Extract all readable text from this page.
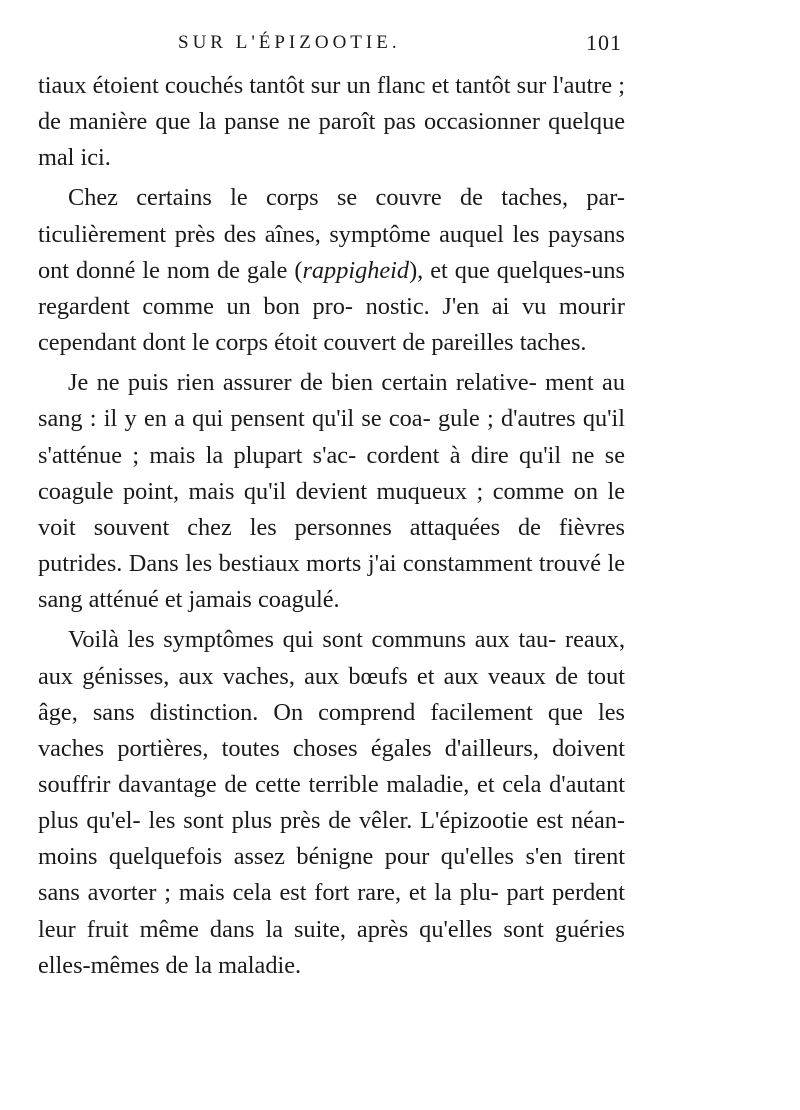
SUR L'ÉPIZOOTIE.	101

tiaux étoient couchés tantôt sur un flanc et tantôt sur l'autre ; de manière que la panse ne paroît pas occasionner quelque mal ici.

Chez certains le corps se couvre de taches, par- ticulièrement près des aînes, symptôme auquel les paysans ont donné le nom de gale (rappigheid), et que quelques-uns regardent comme un bon pro- nostic. J'en ai vu mourir cependant dont le corps étoit couvert de pareilles taches.

Je ne puis rien assurer de bien certain relative- ment au sang : il y en a qui pensent qu'il se coa- gule ; d'autres qu'il s'atténue ; mais la plupart s'ac- cordent à dire qu'il ne se coagule point, mais qu'il devient muqueux ; comme on le voit souvent chez les personnes attaquées de fièvres putrides. Dans les bestiaux morts j'ai constamment trouvé le sang atténué et jamais coagulé.

Voilà les symptômes qui sont communs aux tau- reaux, aux génisses, aux vaches, aux bœufs et aux veaux de tout âge, sans distinction. On comprend facilement que les vaches portières, toutes choses égales d'ailleurs, doivent souffrir davantage de cette terrible maladie, et cela d'autant plus qu'el- les sont plus près de vêler. L'épizootie est néan- moins quelquefois assez bénigne pour qu'elles s'en tirent sans avorter ; mais cela est fort rare, et la plu- part perdent leur fruit même dans la suite, après qu'elles sont guéries elles-mêmes de la maladie.
